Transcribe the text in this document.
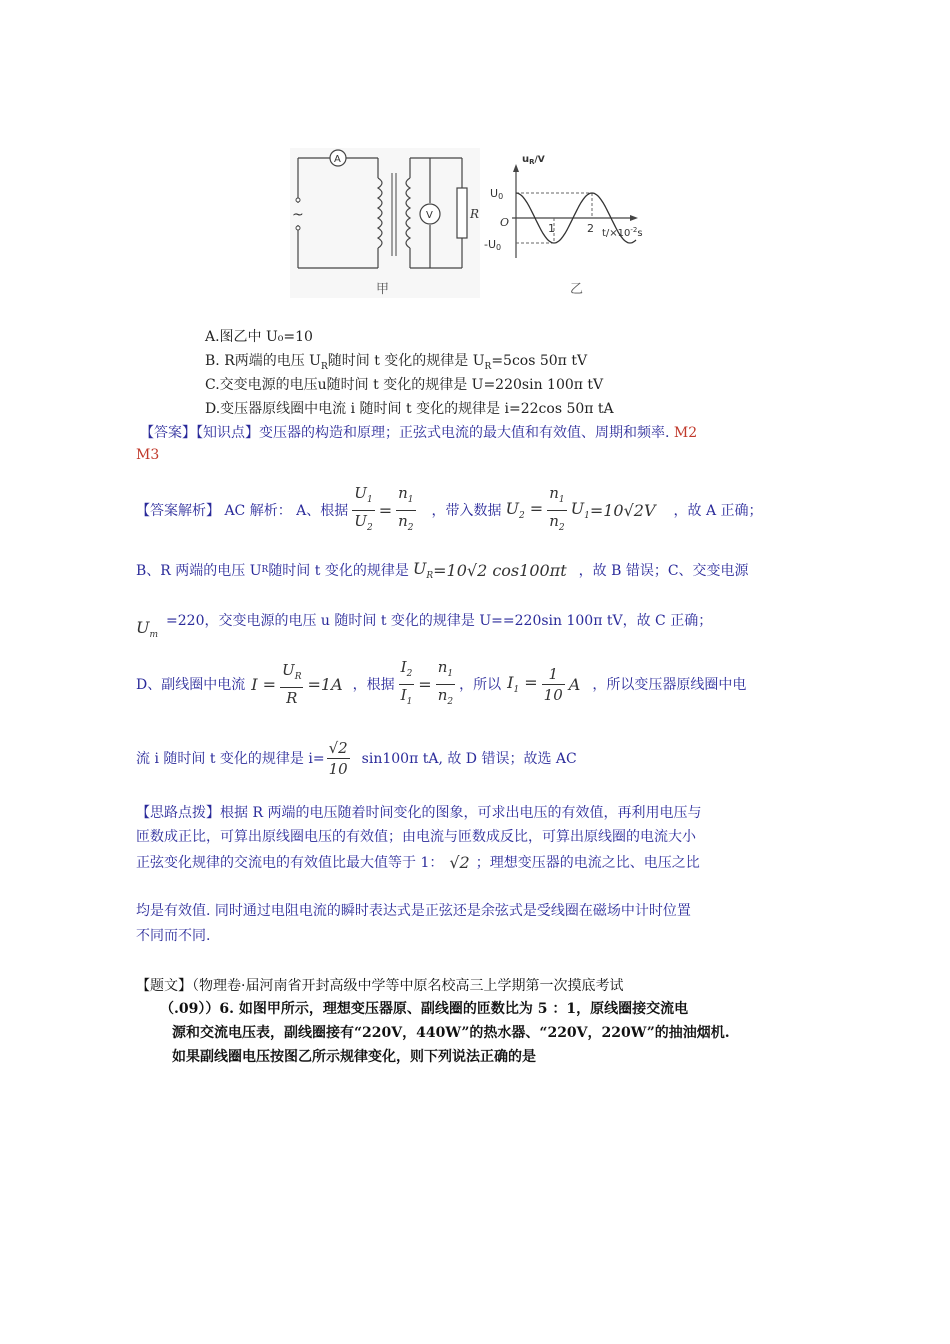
~
A
V	R
甲
$u_R/V$
U0
O
-U0
1	2 $t/\times 10^{-2}s$
乙
A.图乙中 U₀=10
B. R两端的电压 $U_R$随时间 t 变化的规律是 $U_R=5\cos$ 50π tV
C.交变电源的电压u随时间 t 变化的规律是 U=220sin 100π tV
D.变压器原线圈中电流 i 随时间 t 变化的规律是 i=22cos 50π tA
【答案】【知识点】变压器的构造和原理；正弦式电流的最大值和有效值、周期和频率. M2
M3
【答案解析】 AC 解析： A、根据 $\frac{U_1}{U_2} = \frac{n_1}{n_2}$ ，带入数据 $U_2 = \frac{n_1}{n_2} U_1 =10√2V$ ，故 A 正确；
B、R 两端的电压 U R 随时间 t 变化的规律是 $U_R =10√2$ cos100πt ，故 B 错误；C、交变电源
$U_m$
=220，交变电源的电压 u 随时间 t 变化的规律是 U==220sin 100π tV，故 C 正确；
D、副线圈中电流 $I = \frac{U_R}{R} =1A$ ，根据 $\frac{I_2}{I_1} = \frac{n_1}{n_2}$ ，所以 $I_1 = \frac{1}{10}$ A ，所以变压器原线圈中电
流 i 随时间 t 变化的规律是 $i= \frac{√2}{10} \sin 100\pi$ tA, 故 D 错误；故选 AC
【思路点拨】根据 R 两端的电压随着时间变化的图象，可求出电压的有效值，再利用电压与
匝数成正比，可算出原线圈电压的有效值；由电流与匝数成反比，可算出原线圈的电流大小
正弦变化规律的交流电的有效值比最大值等于 1： √2 ；理想变压器的电流之比、电压之比
均是有效值. 同时通过电阻电流的瞬时表达式是正弦还是余弦式是受线圈在磁场中计时位置
不同而不同.
【题文】（物理卷·届河南省开封高级中学等中原名校高三上学期第一次摸底考试
（.09））6. 如图甲所示，理想变压器原、副线圈的匝数比为 5 ：1，原线圈接交流电
源和交流电压表，副线圈接有“220V，440W”的热水器、“220V，220W”的抽油烟机.
如果副线圈电压按图乙所示规律变化，则下列说法正确的是
